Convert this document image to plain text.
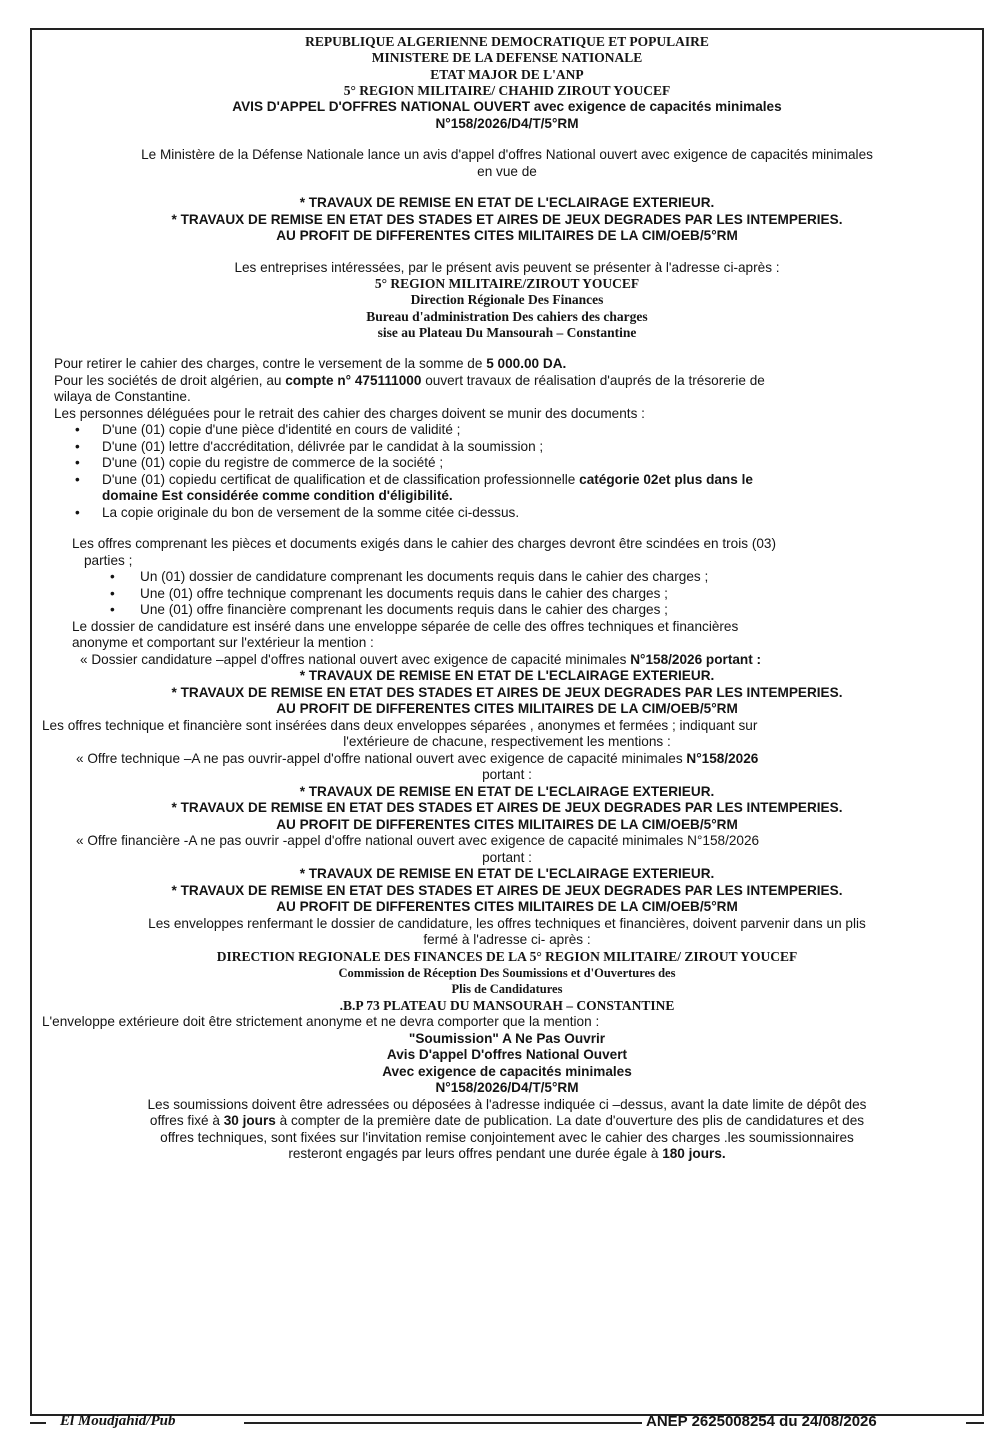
REPUBLIQUE ALGERIENNE DEMOCRATIQUE ET POPULAIRE
MINISTERE DE LA DEFENSE NATIONALE
ETAT MAJOR DE L'ANP
5° REGION MILITAIRE/ CHAHID ZIROUT YOUCEF
AVIS D'APPEL D'OFFRES NATIONAL OUVERT avec exigence de capacités minimales
N°158/2026/D4/T/5°RM
Le Ministère de la Défense Nationale lance un avis d'appel d'offres National ouvert avec exigence de capacités minimales
en vue de
* TRAVAUX DE REMISE EN ETAT DE L'ECLAIRAGE EXTERIEUR.
* TRAVAUX DE REMISE EN ETAT DES STADES ET AIRES DE JEUX DEGRADES PAR LES INTEMPERIES.
AU PROFIT DE DIFFERENTES CITES MILITAIRES DE LA CIM/OEB/5°RM
Les entreprises intéressées, par le présent avis peuvent se présenter à l'adresse ci-après :
5° REGION MILITAIRE/ZIROUT YOUCEF
Direction Régionale Des Finances
Bureau d'administration Des cahiers des charges
sise au Plateau Du Mansourah – Constantine
Pour retirer le cahier des charges, contre le versement de la somme de 5 000.00 DA.
Pour les sociétés de droit algérien, au compte n° 475111000 ouvert travaux de réalisation d'auprés de la trésorerie de
wilaya de Constantine.
Les personnes déléguées pour le retrait des cahier des charges doivent se munir des documents :
• D'une (01) copie d'une pièce d'identité en cours de validité ;
• D'une (01) lettre d'accréditation, délivrée par le candidat à la soumission ;
• D'une (01) copie du registre de commerce de la société ;
• D'une (01) copiedu certificat de qualification et de classification professionnelle catégorie 02et plus dans le
domaine Est considérée comme condition d'éligibilité.
• La copie originale du bon de versement de la somme citée ci-dessus.
Les offres comprenant les pièces et documents exigés dans le cahier des charges devront être scindées en trois (03)
parties ;
• Un (01) dossier de candidature comprenant les documents requis dans le cahier des charges ;
• Une (01) offre technique comprenant les documents requis dans le cahier des charges ;
• Une (01) offre financière comprenant les documents requis dans le cahier des charges ;
Le dossier de candidature est inséré dans une enveloppe séparée de celle des offres techniques et financières
anonyme et comportant sur l'extérieur la mention :
« Dossier candidature –appel d'offres national ouvert avec exigence de capacité minimales N°158/2026 portant :
* TRAVAUX DE REMISE EN ETAT DE L'ECLAIRAGE EXTERIEUR.
* TRAVAUX DE REMISE EN ETAT DES STADES ET AIRES DE JEUX DEGRADES PAR LES INTEMPERIES.
AU PROFIT DE DIFFERENTES CITES MILITAIRES DE LA CIM/OEB/5°RM
Les offres technique et financière sont insérées dans deux enveloppes séparées , anonymes et fermées ; indiquant sur
l'extérieure de chacune, respectivement les mentions :
« Offre technique –A ne pas ouvrir-appel d'offre national ouvert avec exigence de capacité minimales N°158/2026
portant :
* TRAVAUX DE REMISE EN ETAT DE L'ECLAIRAGE EXTERIEUR.
* TRAVAUX DE REMISE EN ETAT DES STADES ET AIRES DE JEUX DEGRADES PAR LES INTEMPERIES.
AU PROFIT DE DIFFERENTES CITES MILITAIRES DE LA CIM/OEB/5°RM
« Offre financière -A ne pas ouvrir -appel d'offre national ouvert avec exigence de capacité minimales N°158/2026
portant :
* TRAVAUX DE REMISE EN ETAT DE L'ECLAIRAGE EXTERIEUR.
* TRAVAUX DE REMISE EN ETAT DES STADES ET AIRES DE JEUX DEGRADES PAR LES INTEMPERIES.
AU PROFIT DE DIFFERENTES CITES MILITAIRES DE LA CIM/OEB/5°RM
Les enveloppes renfermant le dossier de candidature, les offres techniques et financières, doivent parvenir dans un plis
fermé à l'adresse ci- après :
DIRECTION REGIONALE DES FINANCES DE LA 5° REGION MILITAIRE/ ZIROUT YOUCEF
Commission de Réception Des Soumissions et d'Ouvertures des
Plis de Candidatures
.B.P 73 PLATEAU DU MANSOURAH – CONSTANTINE
L'enveloppe extérieure doit être strictement anonyme et ne devra comporter que la mention :
"Soumission" A Ne Pas Ouvrir
Avis D'appel D'offres National Ouvert
Avec exigence de capacités minimales
N°158/2026/D4/T/5°RM
Les soumissions doivent être adressées ou déposées à l'adresse indiquée ci –dessus, avant la date limite de dépôt des
offres fixé à 30 jours à compter de la première date de publication. La date d'ouverture des plis de candidatures et des
offres techniques, sont fixées sur l'invitation remise conjointement avec le cahier des charges .les soumissionnaires
resteront engagés par leurs offres pendant une durée égale à 180 jours.
El Moudjahid/Pub	ANEP 2625008254 du 24/08/2026
